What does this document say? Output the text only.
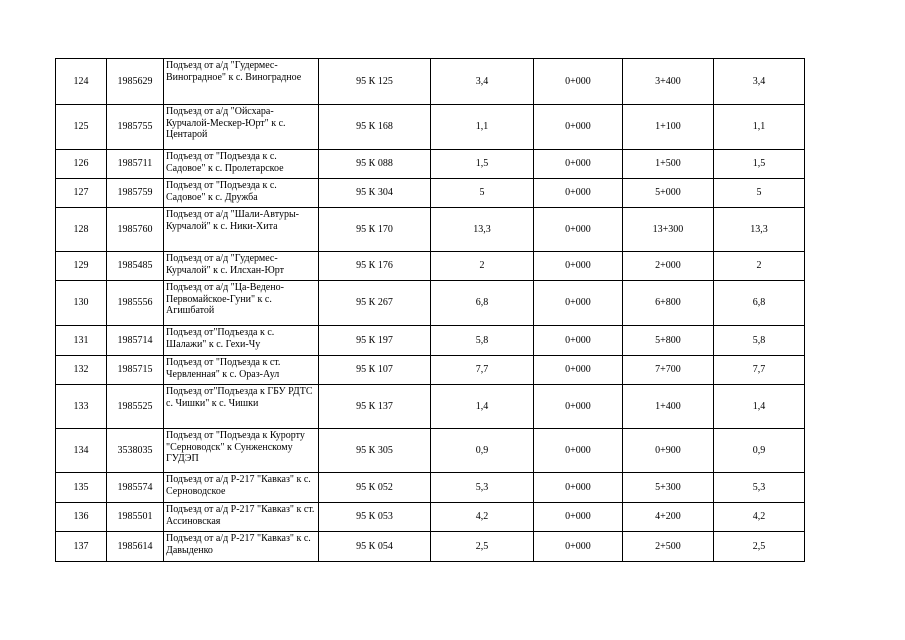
124	1985629	Подъезд от а/д "Гудермес-Виноградное" к с. Виноградное	95 К 125	3,4	0+000	3+400	3,4
125	1985755	Подъезд от а/д "Ойсхара-Курчалой-Мескер-Юрт" к с. Центарой	95 К 168	1,1	0+000	1+100	1,1
126	1985711	Подъезд от "Подъезда к с. Садовое" к с. Пролетарское	95 К 088	1,5	0+000	1+500	1,5
127	1985759	Подъезд от "Подъезда к с. Садовое" к с. Дружба	95 К 304	5	0+000	5+000	5
128	1985760	Подъезд от а/д "Шали-Автуры-Курчалой" к с. Ники-Хита	95 К 170	13,3	0+000	13+300	13,3
129	1985485	Подъезд от а/д "Гудермес-Курчалой" к с. Илсхан-Юрт	95 К 176	2	0+000	2+000	2
130	1985556	Подъезд от а/д "Ца-Ведено-Первомайское-Гуни" к с. Агишбатой	95 К 267	6,8	0+000	6+800	6,8
131	1985714	Подъезд от"Подъезда к с. Шалажи" к с. Гехи-Чу	95 К 197	5,8	0+000	5+800	5,8
132	1985715	Подъезд от "Подъезда к ст. Червленная" к с. Ораз-Аул	95 К 107	7,7	0+000	7+700	7,7
133	1985525	Подъезд от"Подъезда к ГБУ РДТС с. Чишки" к с. Чишки	95 К 137	1,4	0+000	1+400	1,4
134	3538035	Подъезд от "Подъезда к Курорту "Серноводск" к Сунженскому ГУДЭП	95 К 305	0,9	0+000	0+900	0,9
135	1985574	Подъезд от а/д Р-217 "Кавказ" к с. Серноводское	95 К 052	5,3	0+000	5+300	5,3
136	1985501	Подъезд от а/д Р-217 "Кавказ" к ст. Ассиновская	95 К 053	4,2	0+000	4+200	4,2
137	1985614	Подъезд от а/д Р-217 "Кавказ" к с. Давыденко	95 К 054	2,5	0+000	2+500	2,5
